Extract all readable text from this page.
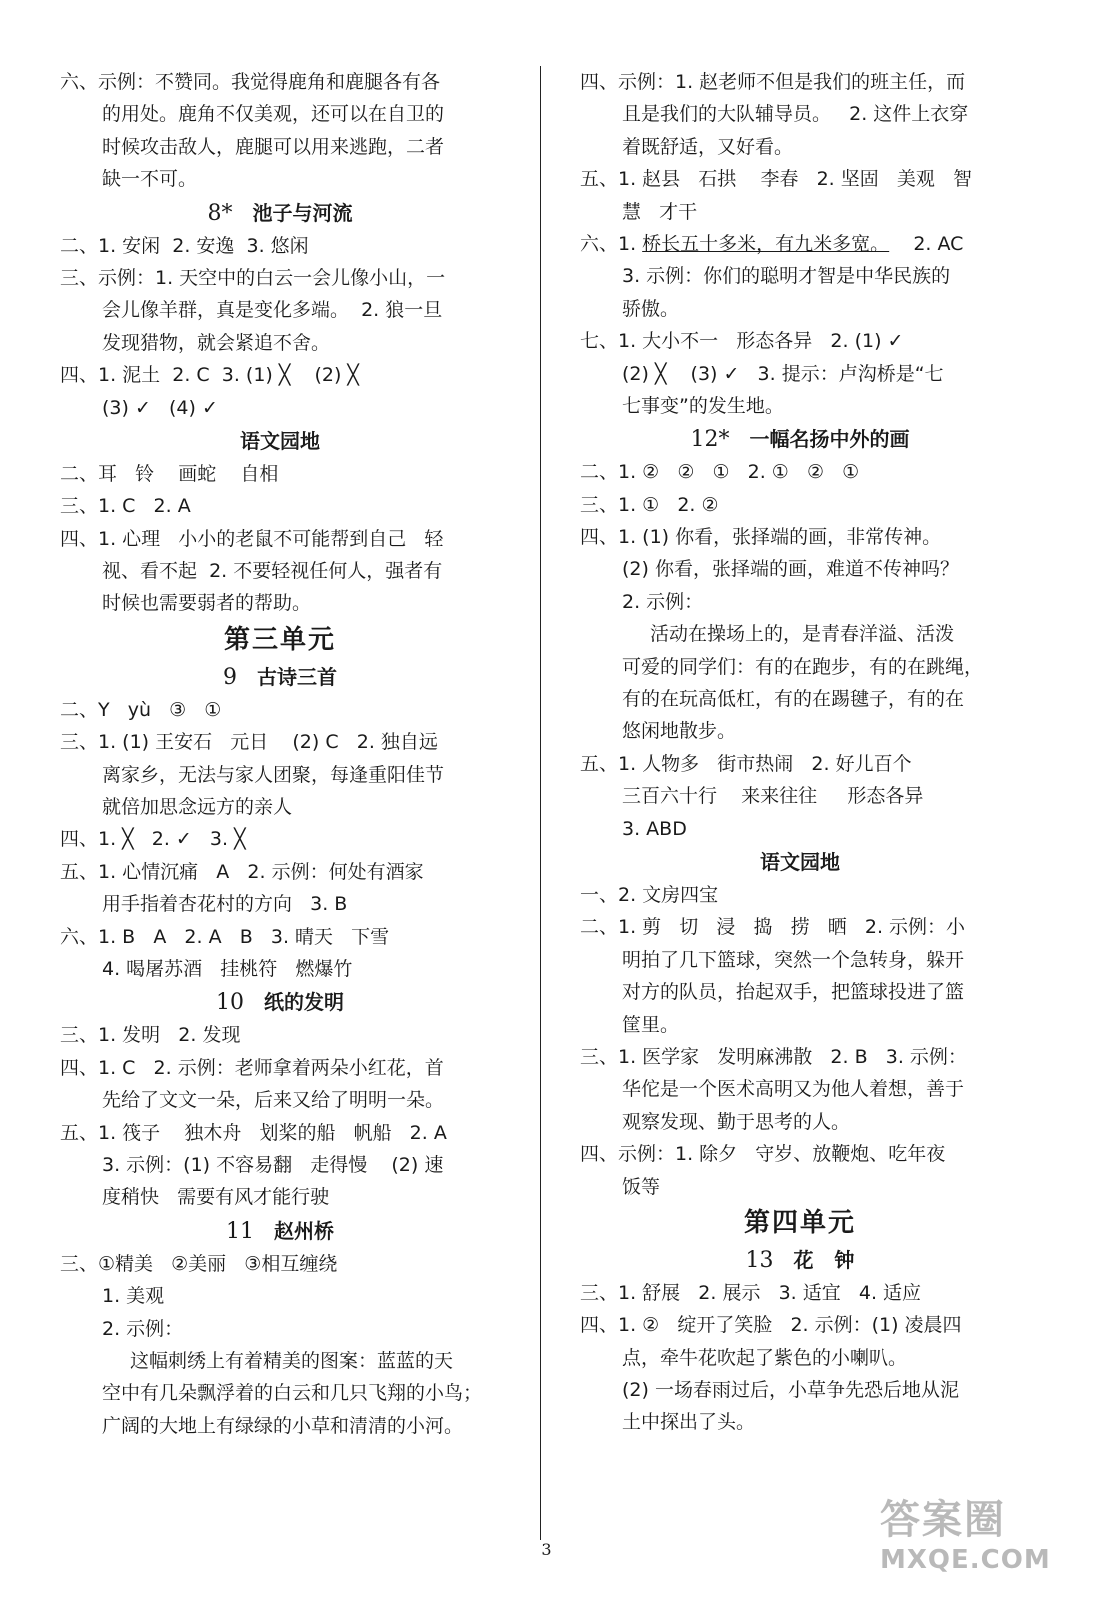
六、示例：不赞同。我觉得鹿角和鹿腿各有各
的用处。鹿角不仅美观，还可以在自卫的
时候攻击敌人，鹿腿可以用来逃跑，二者
缺一不可。
8* 池子与河流
二、1. 安闲  2. 安逸  3. 悠闲
三、示例：1. 天空中的白云一会儿像小山，一
会儿像羊群，真是变化多端。  2. 狼一旦
发现猎物，就会紧追不舍。
四、1. 泥土  2. C  3. (1) ╳    (2) ╳
(3) ✓   (4) ✓
语文园地
二、耳   铃    画蛇    自相
三、1. C   2. A
四、1. 心理   小小的老鼠不可能帮到自己   轻
视、看不起  2. 不要轻视任何人，强者有
时候也需要弱者的帮助。
第三单元
9 古诗三首
二、Y   yù   ③   ①
三、1. (1) 王安石   元日    (2) C   2. 独自远
离家乡，无法与家人团聚，每逢重阳佳节
就倍加思念远方的亲人
四、1. ╳   2. ✓   3. ╳
五、1. 心情沉痛   A   2. 示例：何处有酒家
用手指着杏花村的方向   3. B
六、1. B   A   2. A   B   3. 晴天   下雪
4. 喝屠苏酒   挂桃符   燃爆竹
10 纸的发明
三、1. 发明   2. 发现
四、1. C   2. 示例：老师拿着两朵小红花，首
先给了文文一朵，后来又给了明明一朵。
五、1. 筏子    独木舟   划桨的船   帆船   2. A
3. 示例：(1) 不容易翻   走得慢    (2) 速
度稍快   需要有风才能行驶
11 赵州桥
三、①精美   ②美丽   ③相互缠绕
1. 美观
2. 示例：
这幅刺绣上有着精美的图案：蓝蓝的天
空中有几朵飘浮着的白云和几只飞翔的小鸟；
广阔的大地上有绿绿的小草和清清的小河。
四、示例：1. 赵老师不但是我们的班主任，而
且是我们的大队辅导员。   2. 这件上衣穿
着既舒适，又好看。
五、1. 赵县   石拱    李春   2. 坚固   美观   智
慧   才干
六、1. 桥长五十多米，有九米多宽。    2. AC
3. 示例：你们的聪明才智是中华民族的
骄傲。
七、1. 大小不一   形态各异   2. (1) ✓
(2) ╳    (3) ✓   3. 提示：卢沟桥是“七
七事变”的发生地。
12* 一幅名扬中外的画
二、1. ②   ②   ①   2. ①   ②   ①
三、1. ①   2. ②
四、1. (1) 你看，张择端的画，非常传神。
(2) 你看，张择端的画，难道不传神吗？
2. 示例：
活动在操场上的，是青春洋溢、活泼
可爱的同学们：有的在跑步，有的在跳绳，
有的在玩高低杠，有的在踢毽子，有的在
悠闲地散步。
五、1. 人物多   街市热闹   2. 好儿百个
三百六十行    来来往往     形态各异
3. ABD
语文园地
一、2. 文房四宝
二、1. 剪   切   浸   捣   捞   晒   2. 示例：小
明拍了几下篮球，突然一个急转身，躲开
对方的队员，抬起双手，把篮球投进了篮
筐里。
三、1. 医学家   发明麻沸散   2. B   3. 示例：
华佗是一个医术高明又为他人着想，善于
观察发现、勤于思考的人。
四、示例：1. 除夕   守岁、放鞭炮、吃年夜
饭等
第四单元
13 花   钟
三、1. 舒展   2. 展示   3. 适宜   4. 适应
四、1. ②   绽开了笑脸   2. 示例：(1) 凌晨四
点，牵牛花吹起了紫色的小喇叭。
(2) 一场春雨过后，小草争先恐后地从泥
土中探出了头。
3
答案圈
MXQE.COM
